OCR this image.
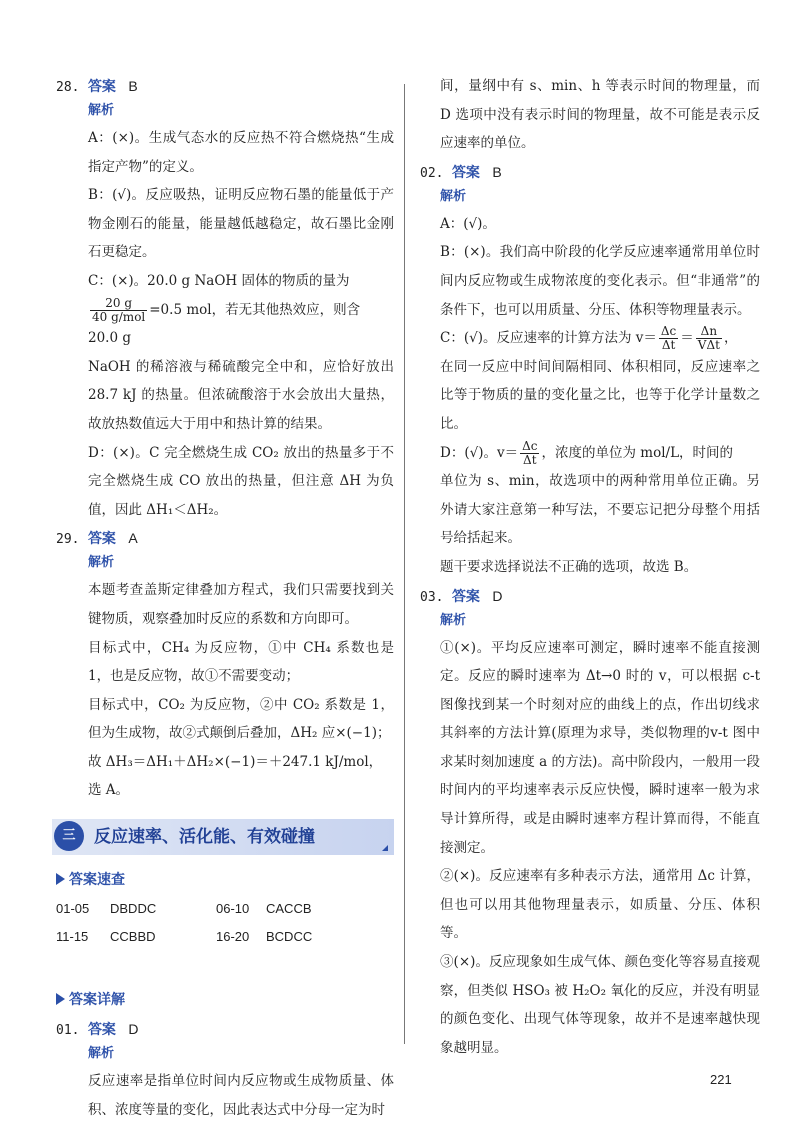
28. 答案 B
解析

A：(×)。生成气态水的反应热不符合燃烧热“生成指定产物”的定义。

B：(√)。反应吸热，证明反应物石墨的能量低于产物金刚石的能量，能量越低越稳定，故石墨比金刚石更稳定。

C：(×)。20.0 g NaOH 固体的物质的量为

$\frac{20 g}{\text{40 g/mol}} =0.5$ mol，若无其他热效应，则含 20.0 g

NaOH 的稀溶液与稀硫酸完全中和，应恰好放出28.7 kJ 的热量。但浓硫酸溶于水会放出大量热，故放热数值远大于用中和热计算的结果。

D：(×)。C 完全燃烧生成 CO₂ 放出的热量多于不完全燃烧生成 CO 放出的热量，但注意 ΔH 为负值，因此 ΔH₁＜ΔH₂。

29. 答案 A
解析

本题考查盖斯定律叠加方程式，我们只需要找到关键物质，观察叠加时反应的系数和方向即可。

目标式中，CH₄ 为反应物，①中 CH₄ 系数也是 1，也是反应物，故①不需要变动；

目标式中，CO₂ 为反应物，②中 CO₂ 系数是 1，但为生成物，故②式颠倒后叠加，ΔH₂ 应×(−1)；

故 ΔH₃＝ΔH₁＋ΔH₂×(−1)＝＋247.1 kJ/mol，

选 A。

三	反应速率、活化能、有效碰撞
答案速查
01-05 DBDDC	06-10 CACCB
11-15 CCBBD	16-20 BCDCC
答案详解
01. 答案 D
解析

反应速率是指单位时间内反应物或生成物质量、体积、浓度等量的变化，因此表达式中分母一定为时

间，量纲中有 s、min、h 等表示时间的物理量，而 D 选项中没有表示时间的物理量，故不可能是表示反应速率的单位。

02. 答案 B
解析

A：(√)。

B：(×)。我们高中阶段的化学反应速率通常用单位时间内反应物或生成物浓度的变化表示。但“非通常”的条件下，也可以用质量、分压、体积等物理量表示。

C：(√)。反应速率的计算方法为 $v= \frac{\Delta c}{\Delta t} = \frac{\Delta n}{\text{VΔt}}$ ，

在同一反应中时间间隔相同、体积相同，反应速率之比等于物质的量的变化量之比，也等于化学计量数之比。

D：(√)。$v= \frac{\Delta c}{\Delta t}$ ，浓度的单位为 mol/L，时间的

单位为 s、min，故选项中的两种常用单位正确。另外请大家注意第一种写法，不要忘记把分母整个用括号给括起来。

题干要求选择说法不正确的选项，故选 B。

03. 答案 D
解析

①(×)。平均反应速率可测定，瞬时速率不能直接测定。反应的瞬时速率为 Δt→0 时的 v，可以根据 c-t 图像找到某一个时刻对应的曲线上的点，作出切线求其斜率的方法计算(原理为求导，类似物理的v-t 图中求某时刻加速度 a 的方法)。高中阶段内，一般用一段时间内的平均速率表示反应快慢，瞬时速率一般为求导计算所得，或是由瞬时速率方程计算而得，不能直接测定。

②(×)。反应速率有多种表示方法，通常用 Δc 计算，但也可以用其他物理量表示，如质量、分压、体积等。

③(×)。反应现象如生成气体、颜色变化等容易直接观察，但类似 HSO₃ 被 H₂O₂ 氧化的反应，并没有明显的颜色变化、出现气体等现象，故并不是速率越快现象越明显。

221
